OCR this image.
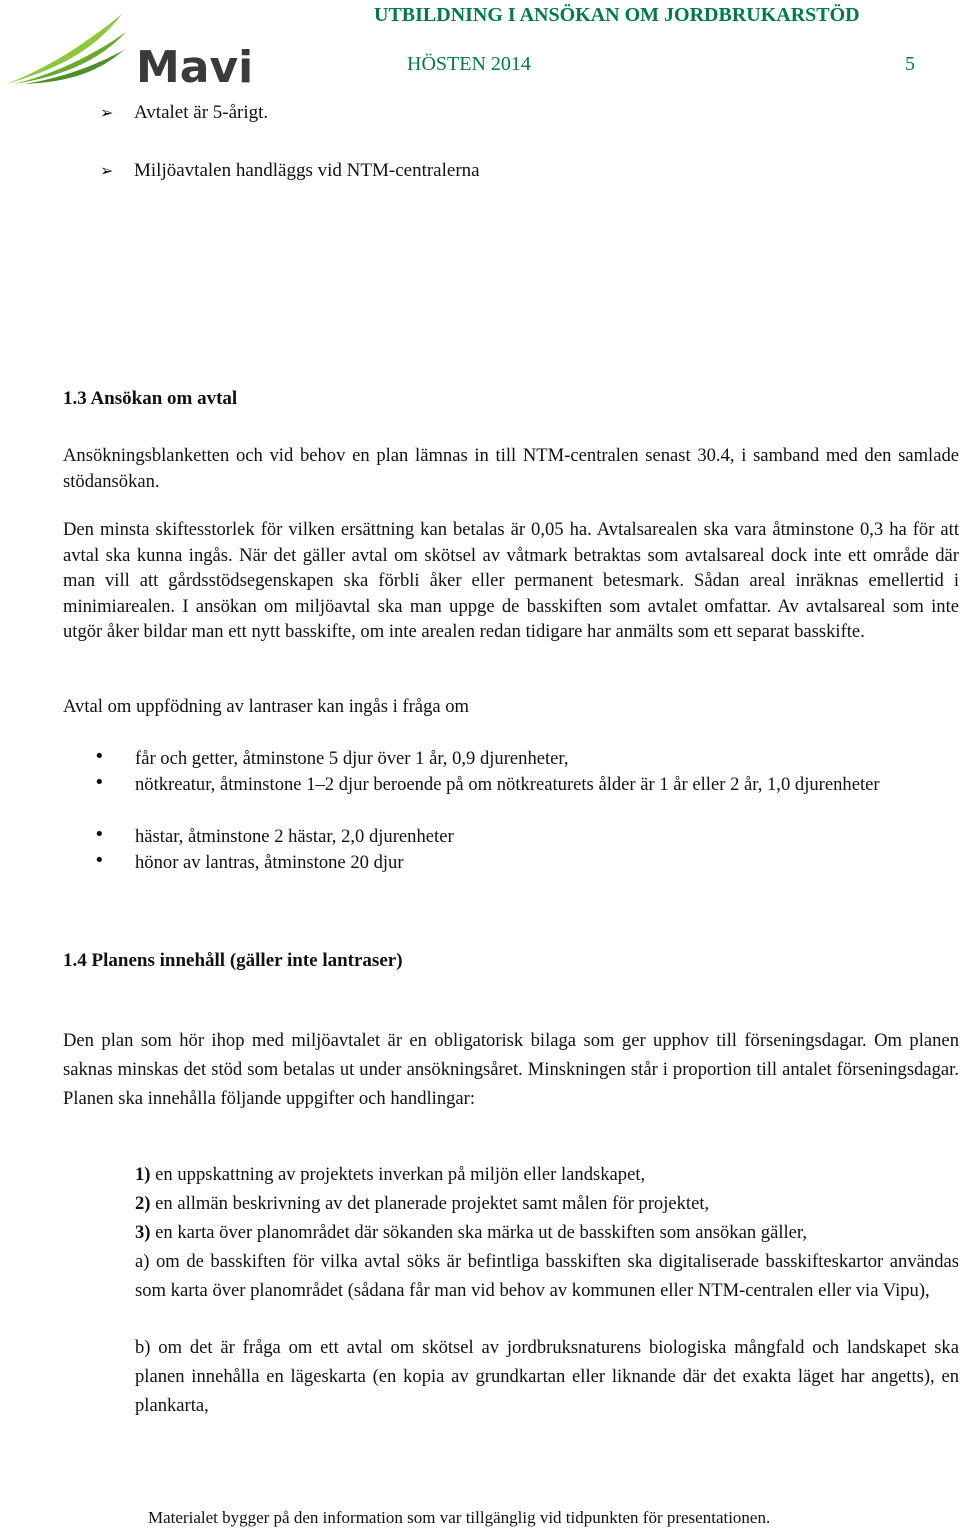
Mavi
UTBILDNING I ANSÖKAN OM JORDBRUKARSTÖD
HÖSTEN 2014	5
➢ Avtalet är 5-årigt.
➢ Miljöavtalen handläggs vid NTM-centralerna
1.3 Ansökan om avtal
Ansökningsblanketten och vid behov en plan lämnas in till NTM-centralen senast 30.4, i samband med den samlade stödansökan.
Den minsta skiftesstorlek för vilken ersättning kan betalas är 0,05 ha. Avtalsarealen ska vara åtminstone 0,3 ha för att avtal ska kunna ingås. När det gäller avtal om skötsel av våtmark betraktas som avtalsareal dock inte ett område där man vill att gårdsstödsegenskapen ska förbli åker eller permanent betesmark. Sådan areal inräknas emellertid i minimiarealen. I ansökan om miljöavtal ska man uppge de basskiften som avtalet omfattar. Av avtalsareal som inte utgör åker bildar man ett nytt basskifte, om inte arealen redan tidigare har anmälts som ett separat basskifte.
Avtal om uppfödning av lantraser kan ingås i fråga om
• får och getter, åtminstone 5 djur över 1 år, 0,9 djurenheter,
• nötkreatur, åtminstone 1–2 djur beroende på om nötkreaturets ålder är 1 år eller 2 år, 1,0 djurenheter
• hästar, åtminstone 2 hästar, 2,0 djurenheter
• hönor av lantras, åtminstone 20 djur
1.4 Planens innehåll (gäller inte lantraser)
Den plan som hör ihop med miljöavtalet är en obligatorisk bilaga som ger upphov till förseningsdagar. Om planen saknas minskas det stöd som betalas ut under ansökningsåret. Minskningen står i proportion till antalet förseningsdagar. Planen ska innehålla följande uppgifter och handlingar:
1) en uppskattning av projektets inverkan på miljön eller landskapet,
2) en allmän beskrivning av det planerade projektet samt målen för projektet,
3) en karta över planområdet där sökanden ska märka ut de basskiften som ansökan gäller,
a) om de basskiften för vilka avtal söks är befintliga basskiften ska digitaliserade basskifteskartor användas som karta över planområdet (sådana får man vid behov av kommunen eller NTM-centralen eller via Vipu),
b) om det är fråga om ett avtal om skötsel av jordbruksnaturens biologiska mångfald och landskapet ska planen innehålla en lägeskarta (en kopia av grundkartan eller liknande där det exakta läget har angetts), en plankarta,
Materialet bygger på den information som var tillgänglig vid tidpunkten för presentationen.
